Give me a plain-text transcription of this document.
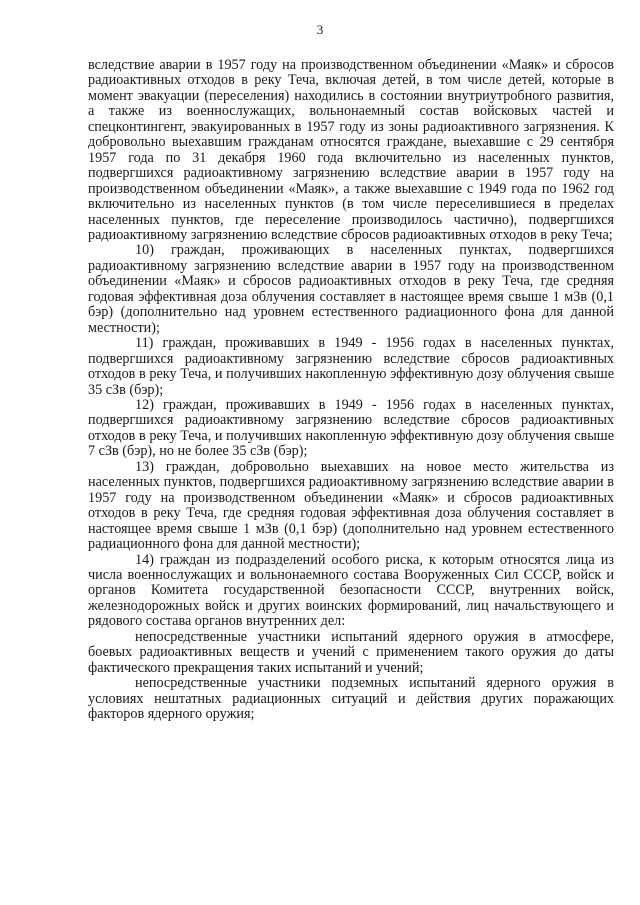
3

вследствие аварии в 1957 году на производственном объединении «Маяк» и сбросов радиоактивных отходов в реку Теча, включая детей, в том числе детей, которые в момент эвакуации (переселения) находились в состоянии внутриутробного развития, а также из военнослужащих, вольнонаемный состав войсковых частей и спецконтингент, эвакуированных в 1957 году из зоны радиоактивного загрязнения. К добровольно выехавшим гражданам относятся граждане, выехавшие с 29 сентября 1957 года по 31 декабря 1960 года включительно из населенных пунктов, подвергшихся радиоактивному загрязнению вследствие аварии в 1957 году на производственном объединении «Маяк», а также выехавшие с 1949 года по 1962 год включительно из населенных пунктов (в том числе переселившиеся в пределах населенных пунктов, где переселение производилось частично), подвергшихся радиоактивному загрязнению вследствие сбросов радиоактивных отходов в реку Теча;

10) граждан, проживающих в населенных пунктах, подвергшихся радиоактивному загрязнению вследствие аварии в 1957 году на производственном объединении «Маяк» и сбросов радиоактивных отходов в реку Теча, где средняя годовая эффективная доза облучения составляет в настоящее время свыше 1 мЗв (0,1 бэр) (дополнительно над уровнем естественного радиационного фона для данной местности);

11) граждан, проживавших в 1949 - 1956 годах в населенных пунктах, подвергшихся радиоактивному загрязнению вследствие сбросов радиоактивных отходов в реку Теча, и получивших накопленную эффективную дозу облучения свыше 35 сЗв (бэр);

12) граждан, проживавших в 1949 - 1956 годах в населенных пунктах, подвергшихся радиоактивному загрязнению вследствие сбросов радиоактивных отходов в реку Теча, и получивших накопленную эффективную дозу облучения свыше 7 сЗв (бэр), но не более 35 сЗв (бэр);

13) граждан, добровольно выехавших на новое место жительства из населенных пунктов, подвергшихся радиоактивному загрязнению вследствие аварии в 1957 году на производственном объединении «Маяк» и сбросов радиоактивных отходов в реку Теча, где средняя годовая эффективная доза облучения составляет в настоящее время свыше 1 мЗв (0,1 бэр) (дополнительно над уровнем естественного радиационного фона для данной местности);

14) граждан из подразделений особого риска, к которым относятся лица из числа военнослужащих и вольнонаемного состава Вооруженных Сил СССР, войск и органов Комитета государственной безопасности СССР, внутренних войск, железнодорожных войск и других воинских формирований, лиц начальствующего и рядового состава органов внутренних дел:

непосредственные участники испытаний ядерного оружия в атмосфере, боевых радиоактивных веществ и учений с применением такого оружия до даты фактического прекращения таких испытаний и учений;

непосредственные участники подземных испытаний ядерного оружия в условиях нештатных радиационных ситуаций и действия других поражающих факторов ядерного оружия;
